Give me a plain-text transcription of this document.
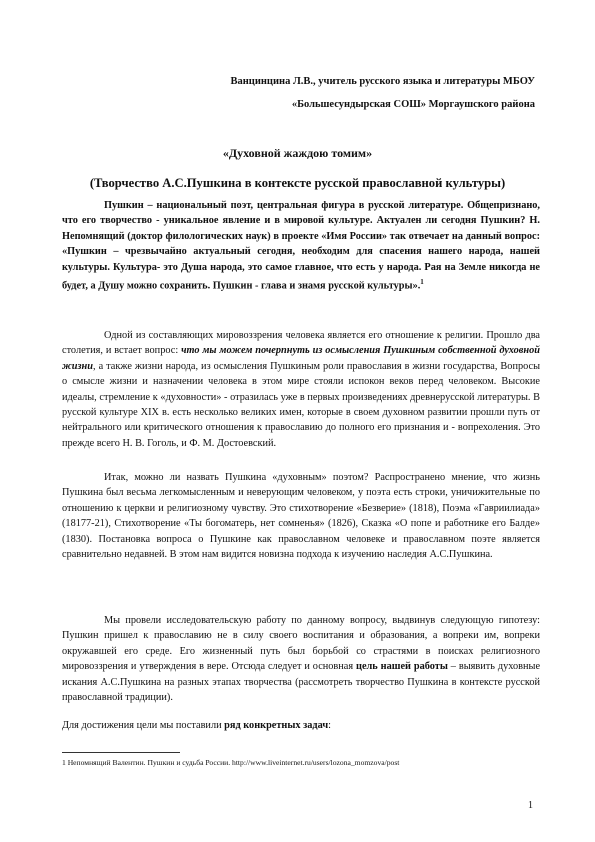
Ванцинцина Л.В., учитель русского языка и литературы МБОУ
«Большесундырская СОШ» Моргаушского района
«Духовной жаждою томим»
(Творчество А.С.Пушкина в контексте русской православной культуры)

Пушкин – национальный поэт, центральная фигура в русской литературе. Общепризнано, что его творчество - уникальное явление и в мировой культуре. Актуален ли сегодня Пушкин? Н. Непомнящий (доктор филологических наук) в проекте «Имя России» так отвечает на данный вопрос: «Пушкин – чрезвычайно актуальный сегодня, необходим для спасения нашего народа, нашей культуры. Культура- это Душа народа, это самое главное, что есть у народа. Рая на Земле никогда не будет, а Душу можно сохранить. Пушкин - глава и знамя русской культуры».$^1$

Одной из составляющих мировоззрения человека является его отношение к религии. Прошло два столетия, и встает вопрос: что мы можем почерпнуть из осмысления Пушкиным собственной духовной жизни, а также жизни народа, из осмысления Пушкиным роли православия в жизни государства, Вопросы о смысле жизни и назначении человека в этом мире стояли испокон веков перед человеком. Высокие идеалы, стремление к «духовности» - отразилась уже в первых произведениях древнерусской литературы. В русской культуре XIX в. есть несколько великих имен, которые в своем духовном развитии прошли путь от нейтрального или критического отношения к православию до полного его признания и - вопрехоления. Это прежде всего Н. В. Гоголь, и Ф. М. Достоевский.

Итак, можно ли назвать Пушкина «духовным» поэтом? Распространено мнение, что жизнь Пушкина был весьма легкомысленным и неверующим человеком, у поэта есть строки, уничижительные по отношению к церкви и религиозному чувству. Это стихотворение «Безверие» (1818), Поэма «Гавриилиада» (18177-21), Стихотворение «Ты богоматерь, нет сомненья» (1826), Сказка «О попе и работнике его Балде» (1830). Постановка вопроса о Пушкине как православном человеке и православном поэте является сравнительно недавней. В этом нам видится новизна подхода к изучению наследия А.С.Пушкина.

Мы провели исследовательскую работу по данному вопросу, выдвинув следующую гипотезу: Пушкин пришел к православию не в силу своего воспитания и образования, а вопреки им, вопреки окружавшей его среде. Его жизненный путь был борьбой со страстями в поисках религиозного мировоззрения и утверждения в вере. Отсюда следует и основная цель нашей работы – выявить духовные искания А.С.Пушкина на разных этапах творчества (рассмотреть творчество Пушкина в контексте русской православной традиции).

Для достижения цели мы поставили ряд конкретных задач:
1 Непомнящий Валентин. Пушкин и судьба России. http://www.liveinternet.ru/users/lozona_momzova/post
1
